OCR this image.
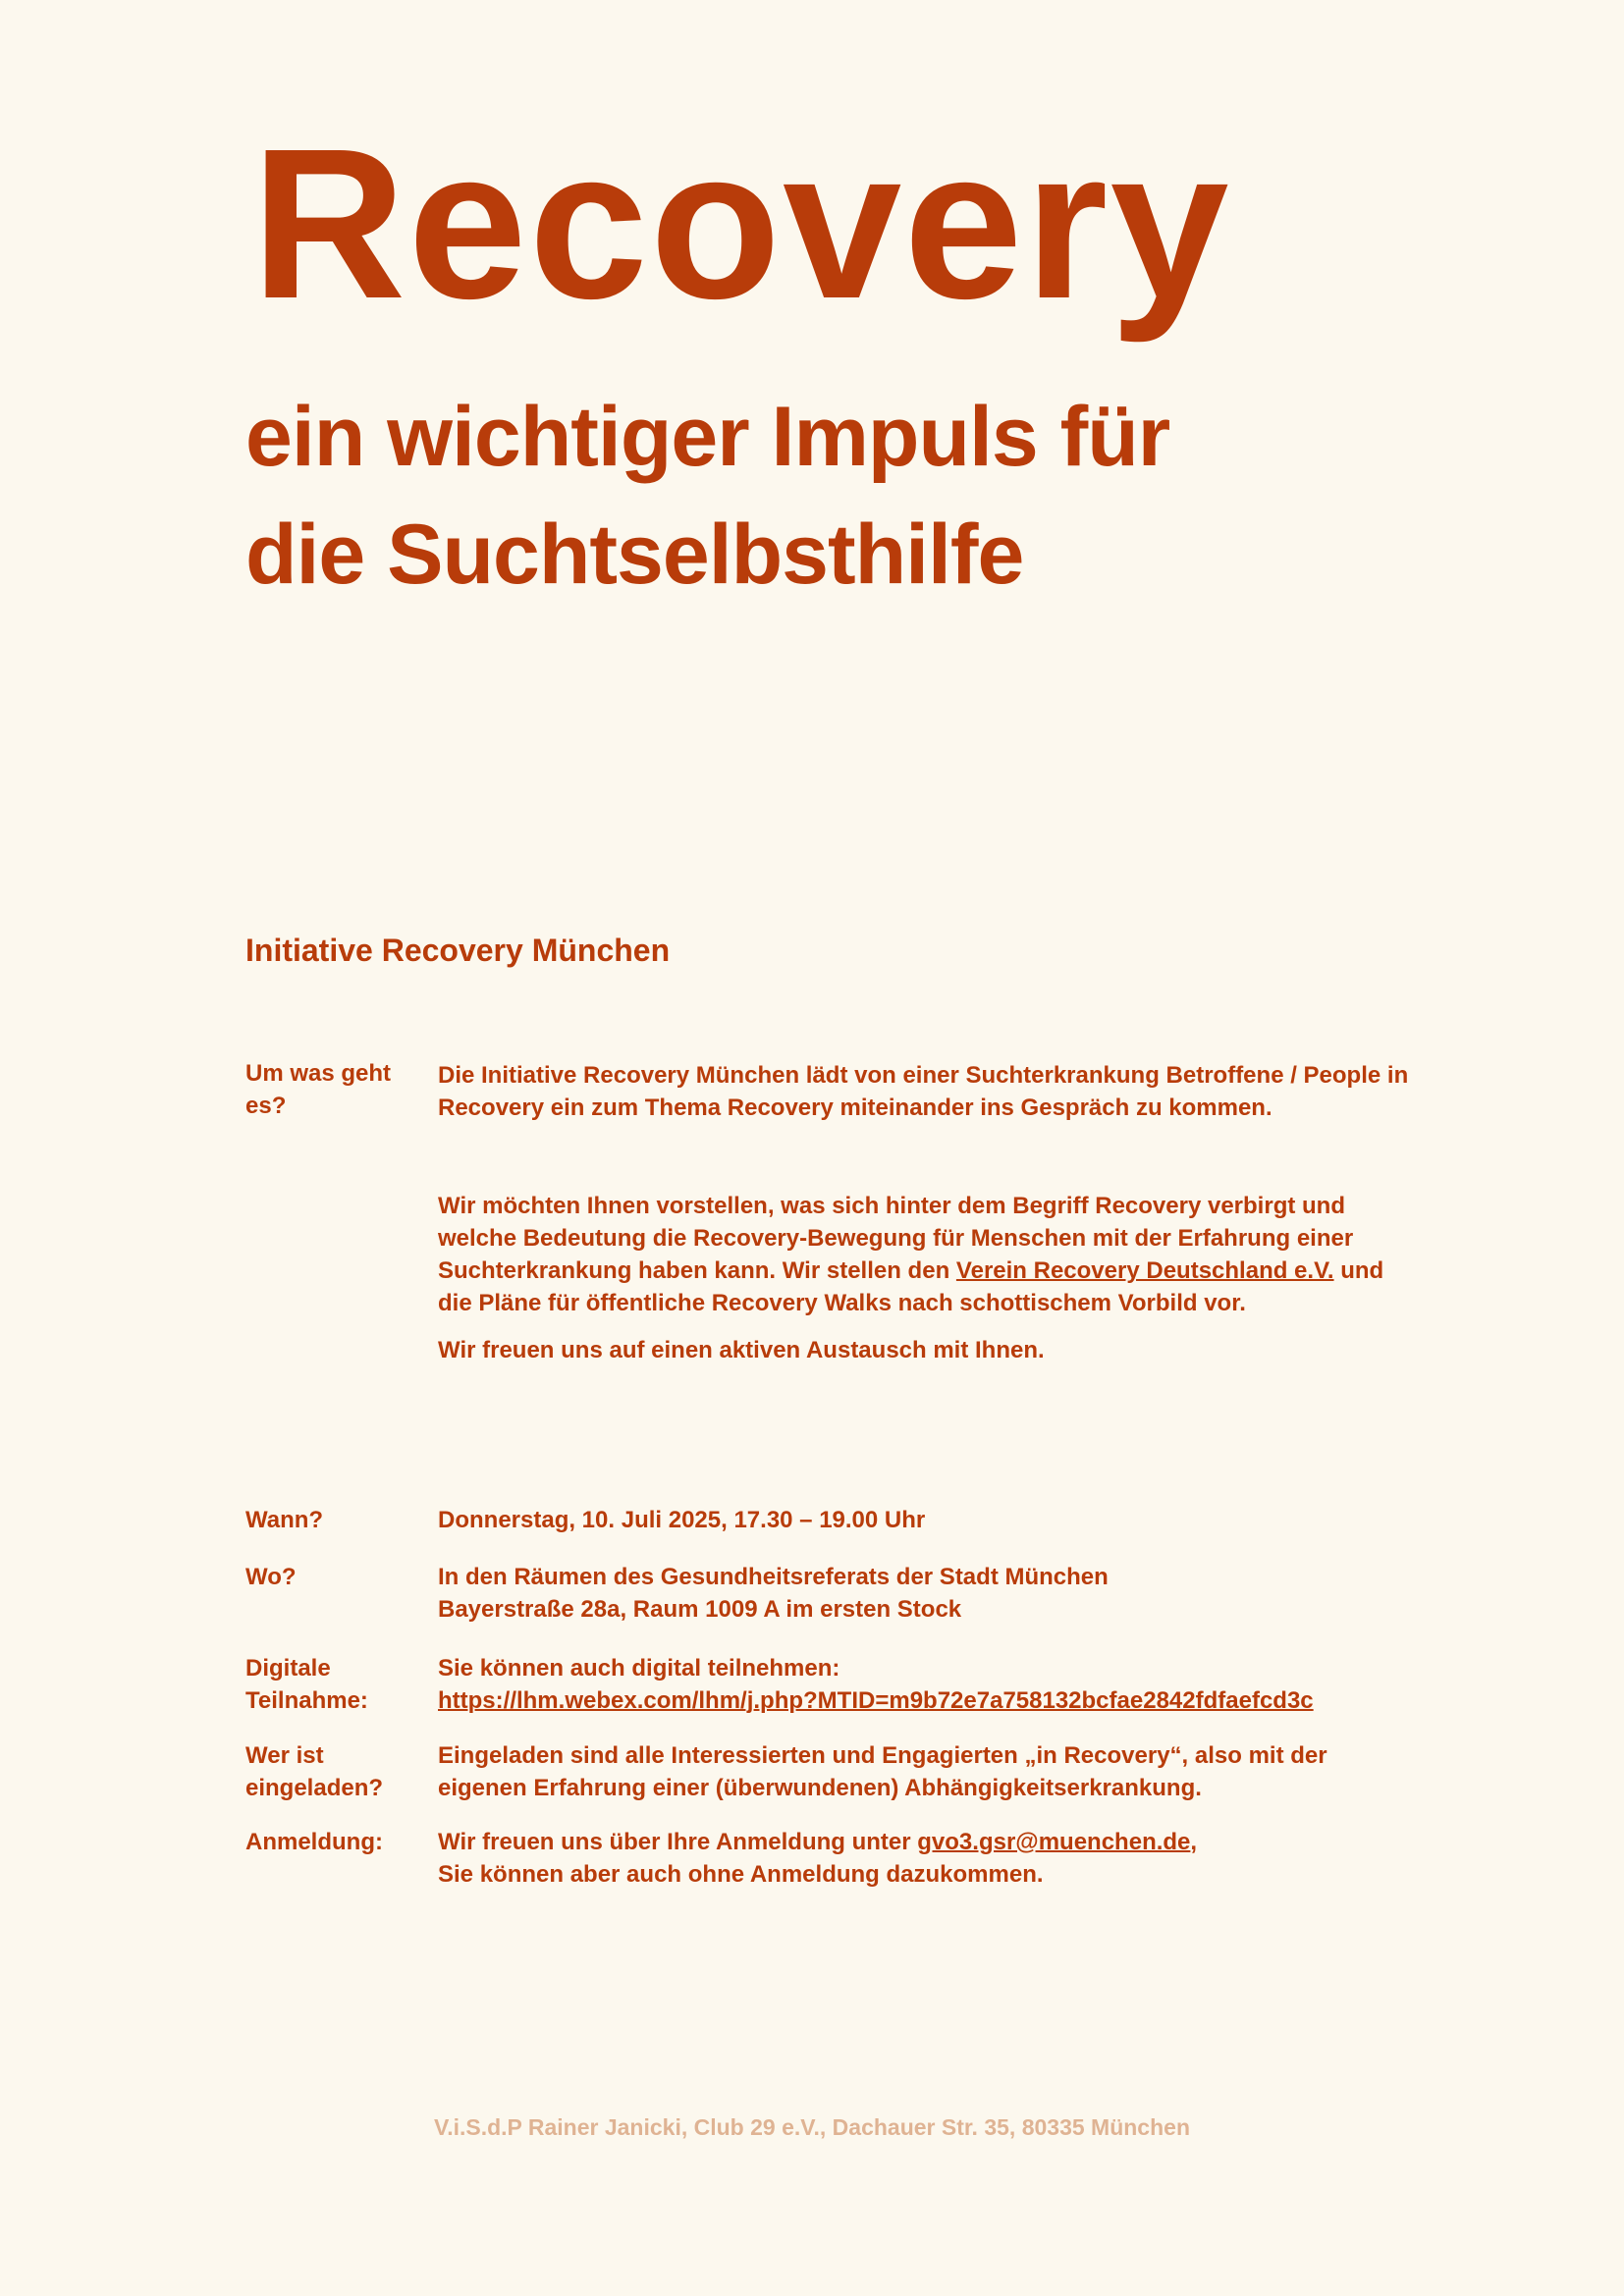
Recovery
ein wichtiger Impuls für
die Suchtselbsthilfe
Initiative Recovery München
Um was geht
es?
Die Initiative Recovery München lädt von einer Suchterkrankung Betroffene / People in
Recovery ein zum Thema Recovery miteinander ins Gespräch zu kommen.
Wir möchten Ihnen vorstellen, was sich hinter dem Begriff Recovery verbirgt und
welche Bedeutung die Recovery-Bewegung für Menschen mit der Erfahrung einer
Suchterkrankung haben kann. Wir stellen den Verein Recovery Deutschland e.V. und
die Pläne für öffentliche Recovery Walks nach schottischem Vorbild vor.
Wir freuen uns auf einen aktiven Austausch mit Ihnen.
Wann?	Donnerstag, 10. Juli 2025, 17.30 – 19.00 Uhr
Wo?	In den Räumen des Gesundheitsreferats der Stadt München
Bayerstraße 28a, Raum 1009 A im ersten Stock
Digitale
Teilnahme:
Sie können auch digital teilnehmen:
https://lhm.webex.com/lhm/j.php?MTID=m9b72e7a758132bcfae2842fdfaefcd3c
Wer ist
eingeladen?
Eingeladen sind alle Interessierten und Engagierten „in Recovery“, also mit der
eigenen Erfahrung einer (überwundenen) Abhängigkeitserkrankung.
Anmeldung: Wir freuen uns über Ihre Anmeldung unter gvo3.gsr@muenchen.de,
Sie können aber auch ohne Anmeldung dazukommen.
V.i.S.d.P Rainer Janicki, Club 29 e.V., Dachauer Str. 35, 80335 München
